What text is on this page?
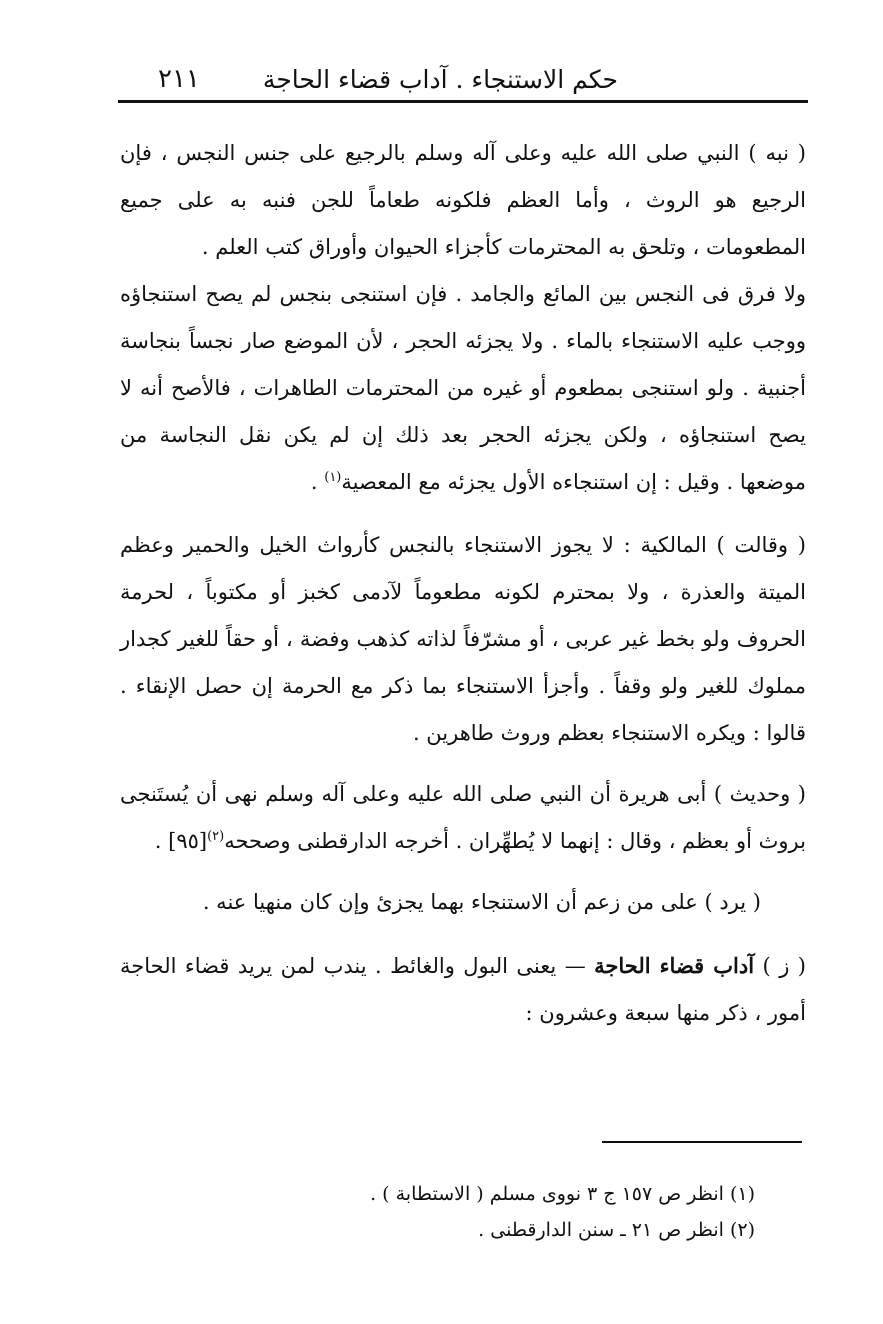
حكم الاستنجاء . آداب قضاء الحاجة
٢١١

( نبه ) النبي صلى الله عليه وعلى آله وسلم بالرجيع على جنس النجس ، فإن الرجيع هو الروث ، وأما العظم فلكونه طعاماً للجن فنبه به على جميع المطعومات ، وتلحق به المحترمات كأجزاء الحيوان وأوراق كتب العلم .

ولا فرق فى النجس بين المائع والجامد . فإن استنجى بنجس لم يصح استنجاؤه ووجب عليه الاستنجاء بالماء . ولا يجزئه الحجر ، لأن الموضع صار نجساً بنجاسة أجنبية . ولو استنجى بمطعوم أو غيره من المحترمات الطاهرات ، فالأصح أنه لا يصح استنجاؤه ، ولكن يجزئه الحجر بعد ذلك إن لم يكن نقل النجاسة من موضعها . وقيل : إن استنجاءه الأول يجزئه مع المعصية$^{(١)}$ .

( وقالت ) المالكية : لا يجوز الاستنجاء بالنجس كأرواث الخيل والحمير وعظم الميتة والعذرة ، ولا بمحترم لكونه مطعوماً لآدمى كخبز أو مكتوباً ، لحرمة الحروف ولو بخط غير عربى ، أو مشرّفاً لذاته كذهب وفضة ، أو حقاً للغير كجدار مملوك للغير ولو وقفاً . وأجزأ الاستنجاء بما ذكر مع الحرمة إن حصل الإنقاء . قالوا : ويكره الاستنجاء بعظم وروث طاهرين .

( وحديث ) أبى هريرة أن النبي صلى الله عليه وعلى آله وسلم نهى أن يُستَنجى بروث أو بعظم ، وقال : إنهما لا يُطهِّران . أخرجه الدارقطنى وصححه$^{(٢)}$[٩٥] .

( يرد ) على من زعم أن الاستنجاء بهما يجزئ وإن كان منهيا عنه .

( ز ) آداب قضاء الحاجة — يعنى البول والغائط . يندب لمن يريد قضاء الحاجة أمور ، ذكر منها سبعة وعشرون :

(١) انظر ص ١٥٧ ج ٣ نووى مسلم ( الاستطابة ) .
(٢) انظر ص ٢١ ـ سنن الدارقطنى .
